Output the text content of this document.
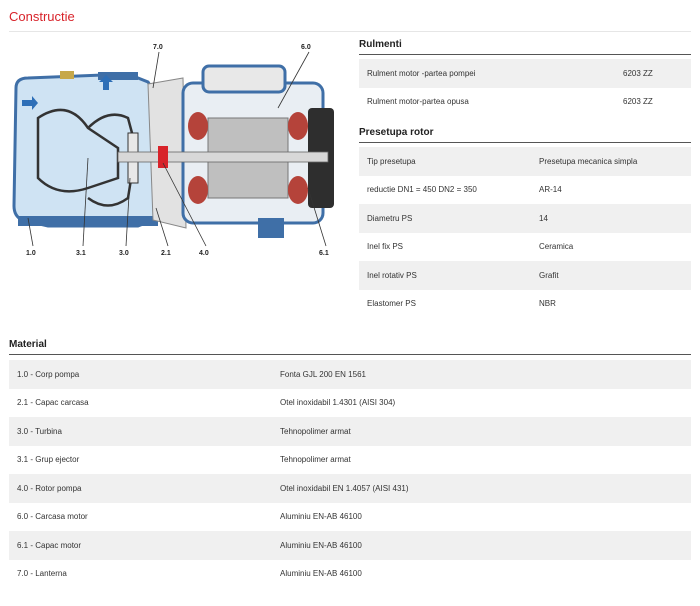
Constructie
7.0	6.0
1.0	3.1	3.0	2.1	4.0	6.1
Rulmenti
Rulment motor -partea pompei	6203 ZZ
Rulment motor-partea opusa	6203 ZZ
Presetupa rotor
Tip presetupa	Presetupa mecanica simpla
reductie DN1 = 450 DN2 = 350	AR-14
Diametru PS	14
Inel fix PS	Ceramica
Inel rotativ PS	Grafit
Elastomer PS	NBR
Material
1.0 - Corp pompa	Fonta GJL 200 EN 1561
2.1 - Capac carcasa	Otel inoxidabil 1.4301 (AISI 304)
3.0 - Turbina	Tehnopolimer armat
3.1 - Grup ejector	Tehnopolimer armat
4.0 - Rotor pompa	Otel inoxidabil EN 1.4057 (AISI 431)
6.0 - Carcasa motor	Aluminiu EN-AB 46100
6.1 - Capac motor	Aluminiu EN-AB 46100
7.0 - Lanterna	Aluminiu EN-AB 46100
